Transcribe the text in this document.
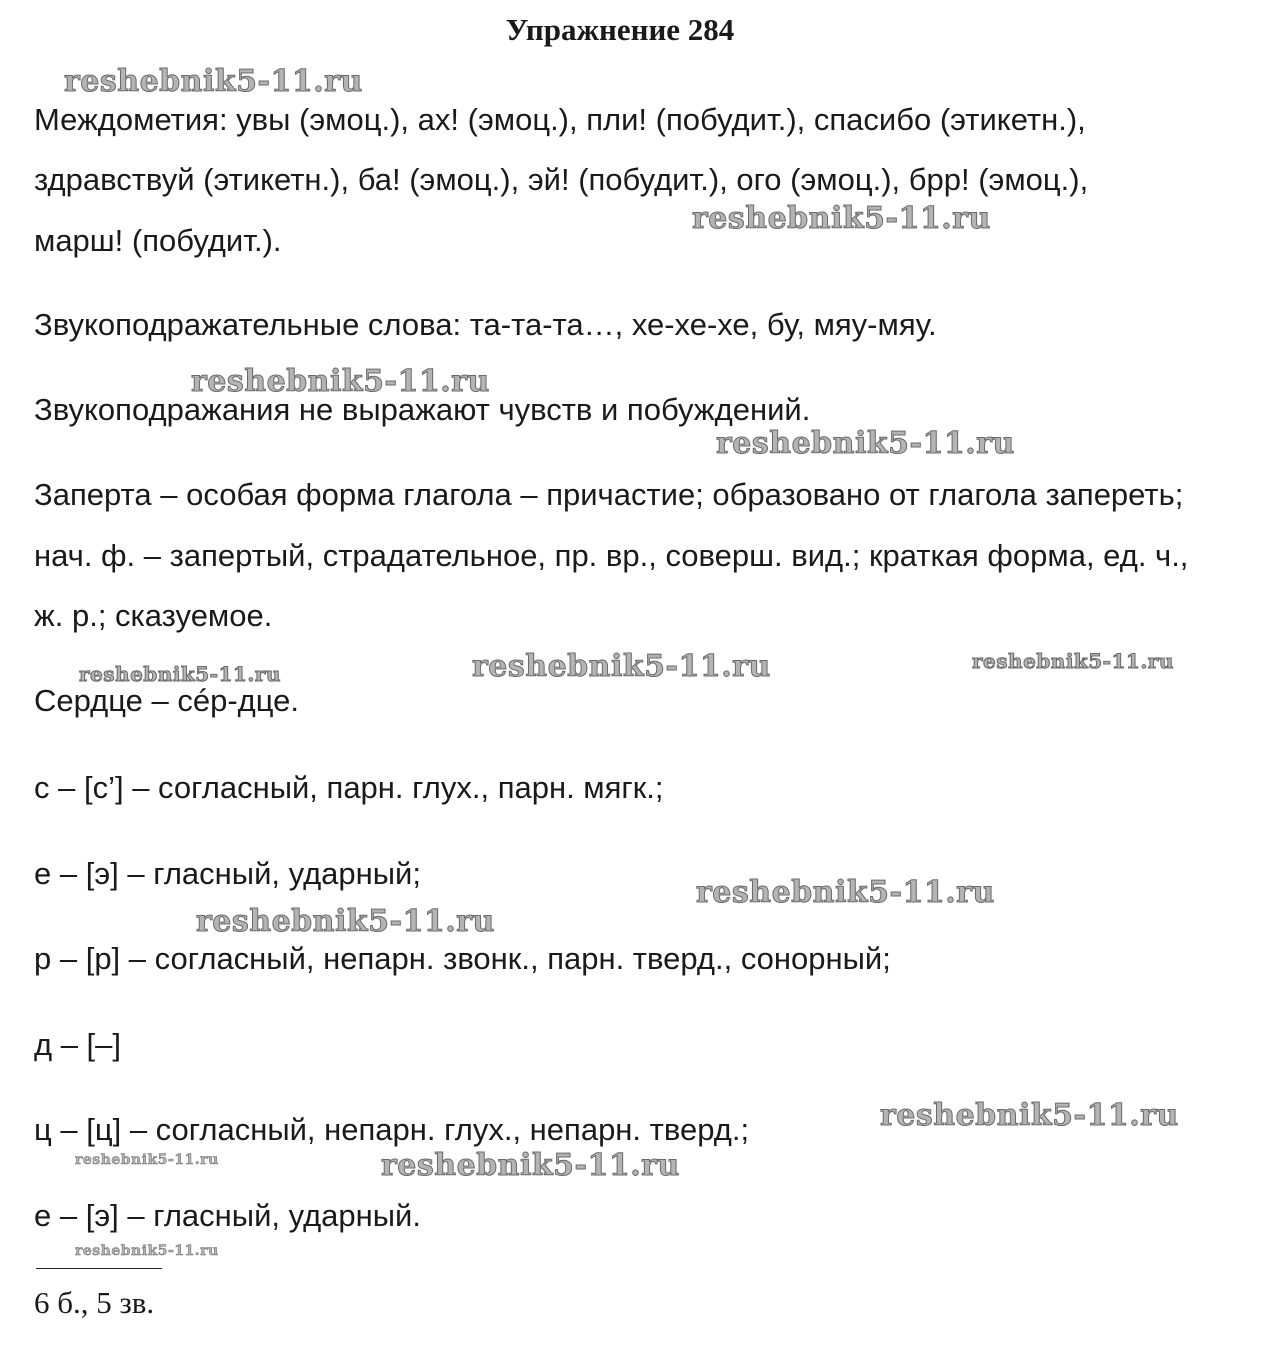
Упражнение 284
Междометия: увы (эмоц.), ах! (эмоц.), пли! (побудит.), спасибо (этикетн.),
здравствуй (этикетн.), ба! (эмоц.), эй! (побудит.), ого (эмоц.), брр! (эмоц.),
марш! (побудит.).
Звукоподражательные слова: та-та-та…, хе-хе-хе, бу, мяу-мяу.
Звукоподражания не выражают чувств и побуждений.
Заперта – особая форма глагола – причастие; образовано от глагола запереть;
нач. ф. – запертый, страдательное, пр. вр., соверш. вид.; краткая форма, ед. ч.,
ж. р.; сказуемое.
Сердце – сéр-дце.
с – [с’] – согласный, парн. глух., парн. мягк.;
е – [э] – гласный, ударный;
р – [р] – согласный, непарн. звонк., парн. тверд., сонорный;
д – [–]
ц – [ц] – согласный, непарн. глух., непарн. тверд.;
е – [э] – гласный, ударный.
6 б., 5 зв.
reshebnik5-11.ru
reshebnik5-11.ru
reshebnik5-11.ru
reshebnik5-11.ru
reshebnik5-11.ru	reshebnik5-11.ru	reshebnik5-11.ru
reshebnik5-11.ru
reshebnik5-11.ru
reshebnik5-11.ru
reshebnik5-11.ru	reshebnik5-11.ru
reshebnik5-11.ru
